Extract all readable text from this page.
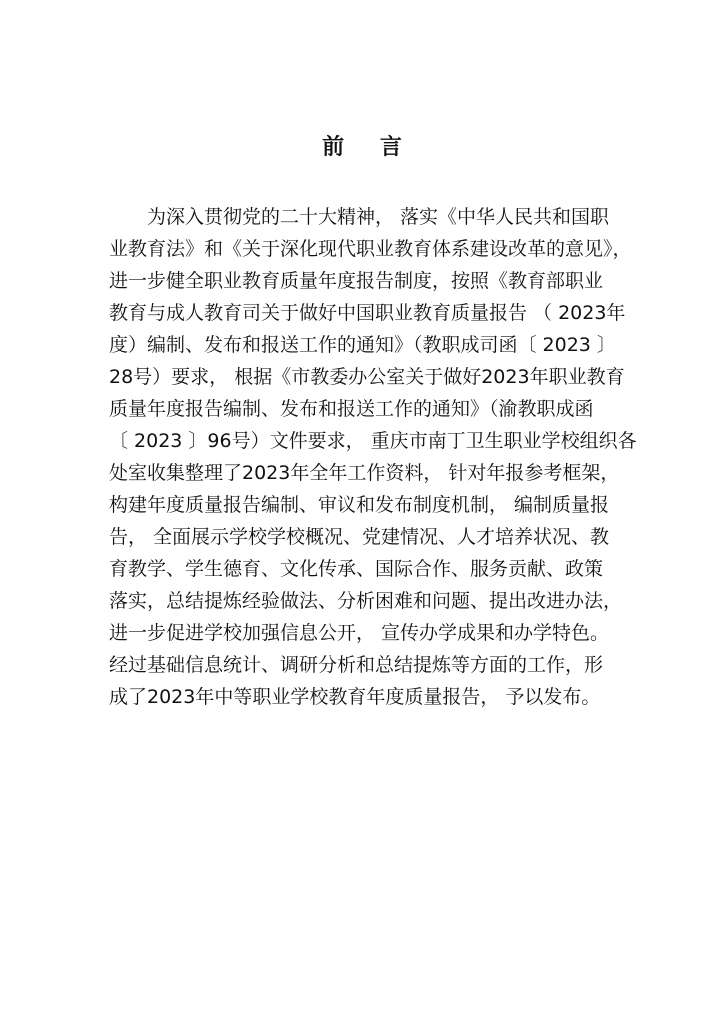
前 言
为深入贯彻党的二十大精神， 落实《中华人民共和国职
业教育法》和《关于深化现代职业教育体系建设改革的意见》，
进一步健全职业教育质量年度报告制度，按照《教育部职业
教育与成人教育司关于做好中国职业教育质量报告 （ 2023年
度）编制、发布和报送工作的通知》（教职成司函〔 2023 〕
28号）要求， 根据《市教委办公室关于做好2023年职业教育
质量年度报告编制、发布和报送工作的通知》（渝教职成函
〔 2023 〕96号）文件要求， 重庆市南丁卫生职业学校组织各
处室收集整理了2023年全年工作资料， 针对年报参考框架，
构建年度质量报告编制、审议和发布制度机制， 编制质量报
告， 全面展示学校学校概况、党建情况、人才培养状况、教
育教学、学生德育、文化传承、国际合作、服务贡献、政策
落实，总结提炼经验做法、分析困难和问题、提出改进办法，
进一步促进学校加强信息公开， 宣传办学成果和办学特色。
经过基础信息统计、调研分析和总结提炼等方面的工作，形
成了2023年中等职业学校教育年度质量报告， 予以发布。
